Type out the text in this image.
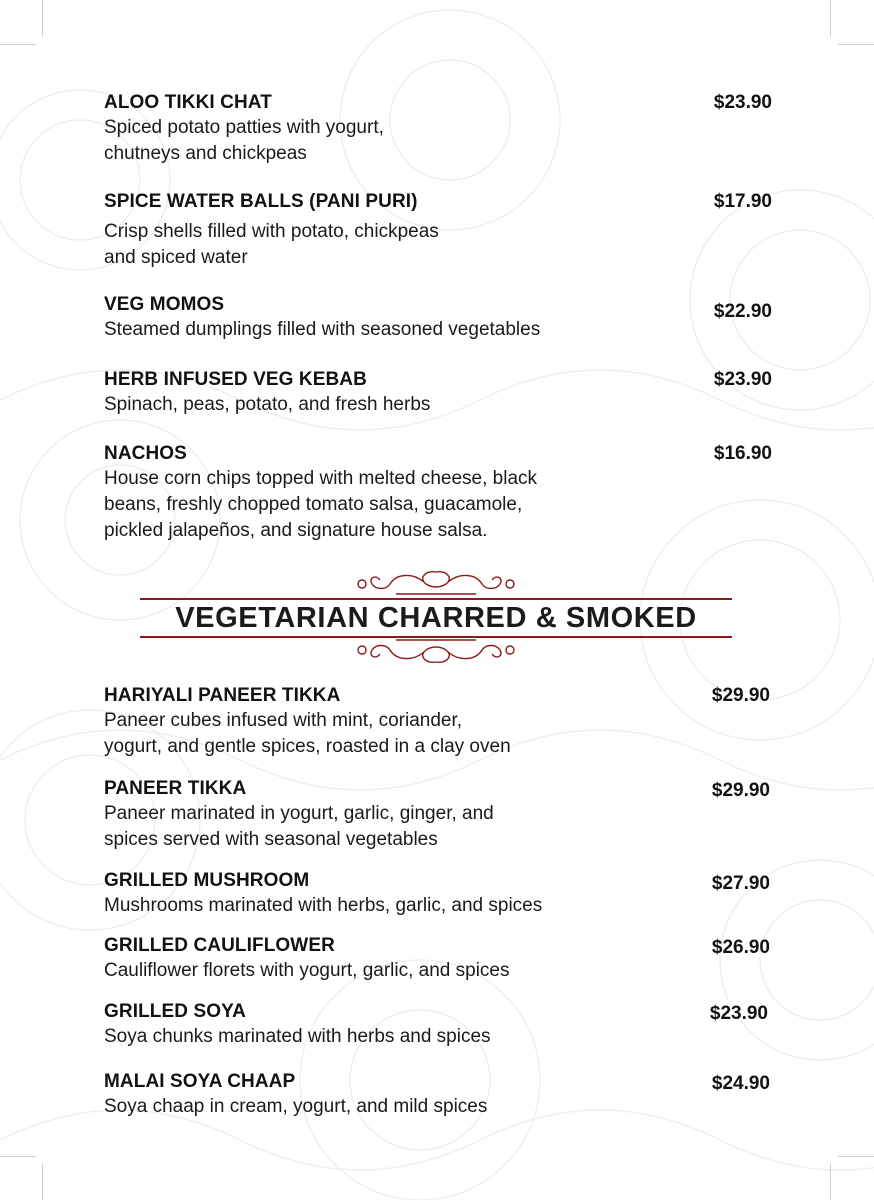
ALOO TIKKI CHAT	$23.90
Spiced potato patties with yogurt,
chutneys and chickpeas
SPICE WATER BALLS (PANI PURI)	$17.90
Crisp shells filled with potato, chickpeas
and spiced water
VEG MOMOS	$22.90
Steamed dumplings filled with seasoned vegetables
HERB INFUSED VEG KEBAB	$23.90
Spinach, peas, potato, and fresh herbs
NACHOS	$16.90
House corn chips topped with melted cheese, black
beans, freshly chopped tomato salsa, guacamole,
pickled jalapeños, and signature house salsa.
VEGETARIAN CHARRED & SMOKED
HARIYALI PANEER TIKKA	$29.90
Paneer cubes infused with mint, coriander,
yogurt, and gentle spices, roasted in a clay oven
PANEER TIKKA	$29.90
Paneer marinated in yogurt, garlic, ginger, and
spices served with seasonal vegetables
GRILLED MUSHROOM	$27.90
Mushrooms marinated with herbs, garlic, and spices
GRILLED CAULIFLOWER	$26.90
Cauliflower florets with yogurt, garlic, and spices
GRILLED SOYA	$23.90
Soya chunks marinated with herbs and spices
MALAI SOYA CHAAP	$24.90
Soya chaap in cream, yogurt, and mild spices
